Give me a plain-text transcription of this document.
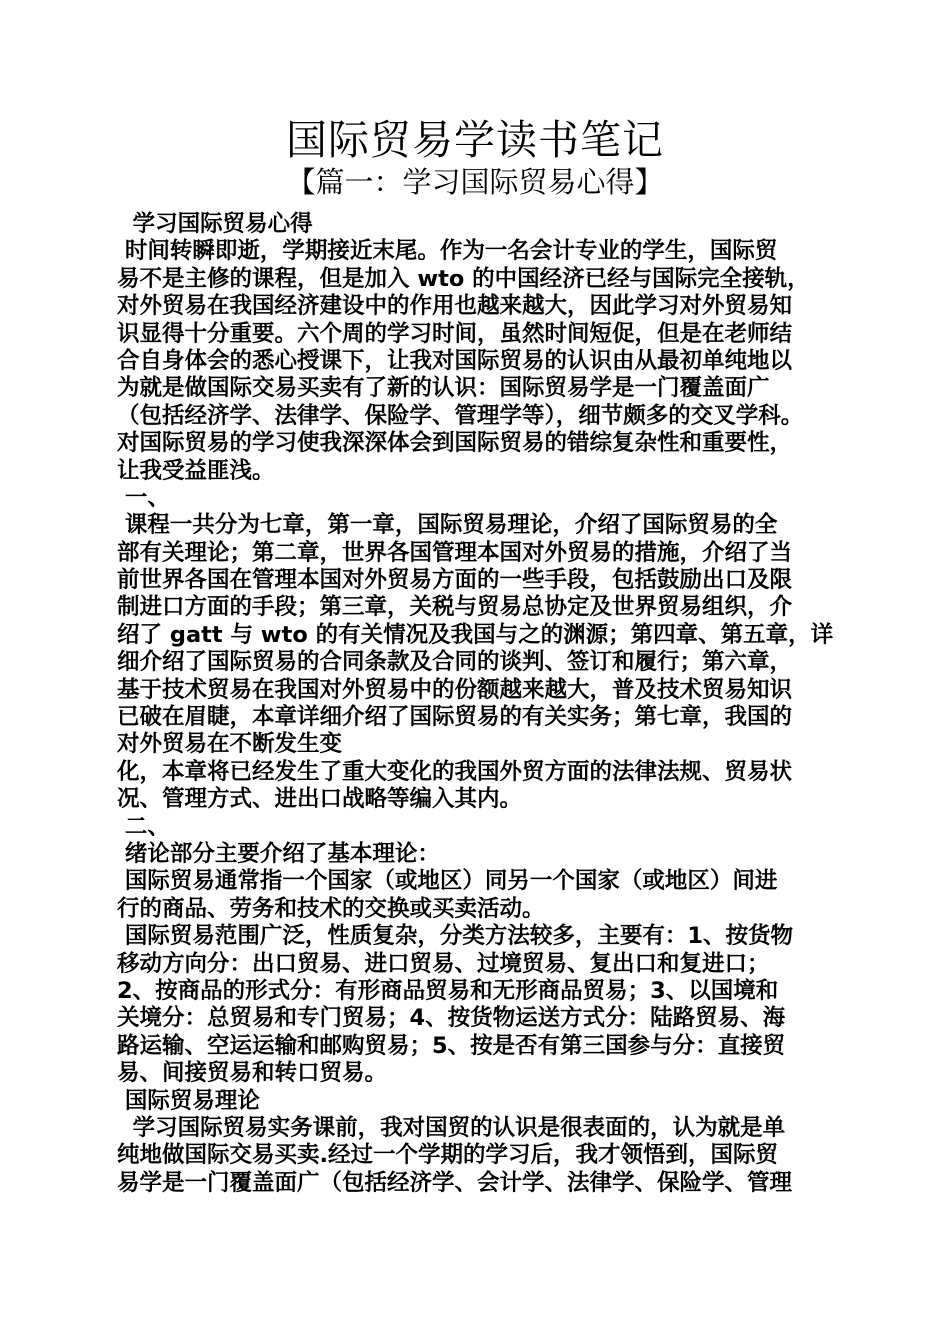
国际贸易学读书笔记
【篇一：学习国际贸易心得】
学习国际贸易心得
时间转瞬即逝，学期接近末尾。作为一名会计专业的学生，国际贸
易不是主修的课程，但是加入 wto 的中国经济已经与国际完全接轨，
对外贸易在我国经济建设中的作用也越来越大，因此学习对外贸易知
识显得十分重要。六个周的学习时间，虽然时间短促，但是在老师结
合自身体会的悉心授课下，让我对国际贸易的认识由从最初单纯地以
为就是做国际交易买卖有了新的认识：国际贸易学是一门覆盖面广
（包括经济学、法律学、保险学、管理学等），细节颇多的交叉学科。
对国际贸易的学习使我深深体会到国际贸易的错综复杂性和重要性，
让我受益匪浅。
一、
课程一共分为七章，第一章，国际贸易理论，介绍了国际贸易的全
部有关理论；第二章，世界各国管理本国对外贸易的措施，介绍了当
前世界各国在管理本国对外贸易方面的一些手段，包括鼓励出口及限
制进口方面的手段；第三章，关税与贸易总协定及世界贸易组织，介
绍了 gatt 与 wto 的有关情况及我国与之的渊源；第四章、第五章，详
细介绍了国际贸易的合同条款及合同的谈判、签订和履行；第六章，
基于技术贸易在我国对外贸易中的份额越来越大，普及技术贸易知识
已破在眉睫，本章详细介绍了国际贸易的有关实务；第七章，我国的
对外贸易在不断发生变
化，本章将已经发生了重大变化的我国外贸方面的法律法规、贸易状
况、管理方式、进出口战略等编入其内。
二、
绪论部分主要介绍了基本理论：
国际贸易通常指一个国家（或地区）同另一个国家（或地区）间进
行的商品、劳务和技术的交换或买卖活动。
国际贸易范围广泛，性质复杂，分类方法较多，主要有：1、按货物
移动方向分：出口贸易、进口贸易、过境贸易、复出口和复进口；
2、按商品的形式分：有形商品贸易和无形商品贸易；3、以国境和
关境分：总贸易和专门贸易；4、按货物运送方式分：陆路贸易、海
路运输、空运运输和邮购贸易；5、按是否有第三国参与分：直接贸
易、间接贸易和转口贸易。
国际贸易理论
学习国际贸易实务课前，我对国贸的认识是很表面的，认为就是单
纯地做国际交易买卖.经过一个学期的学习后，我才领悟到，国际贸
易学是一门覆盖面广（包括经济学、会计学、法律学、保险学、管理
